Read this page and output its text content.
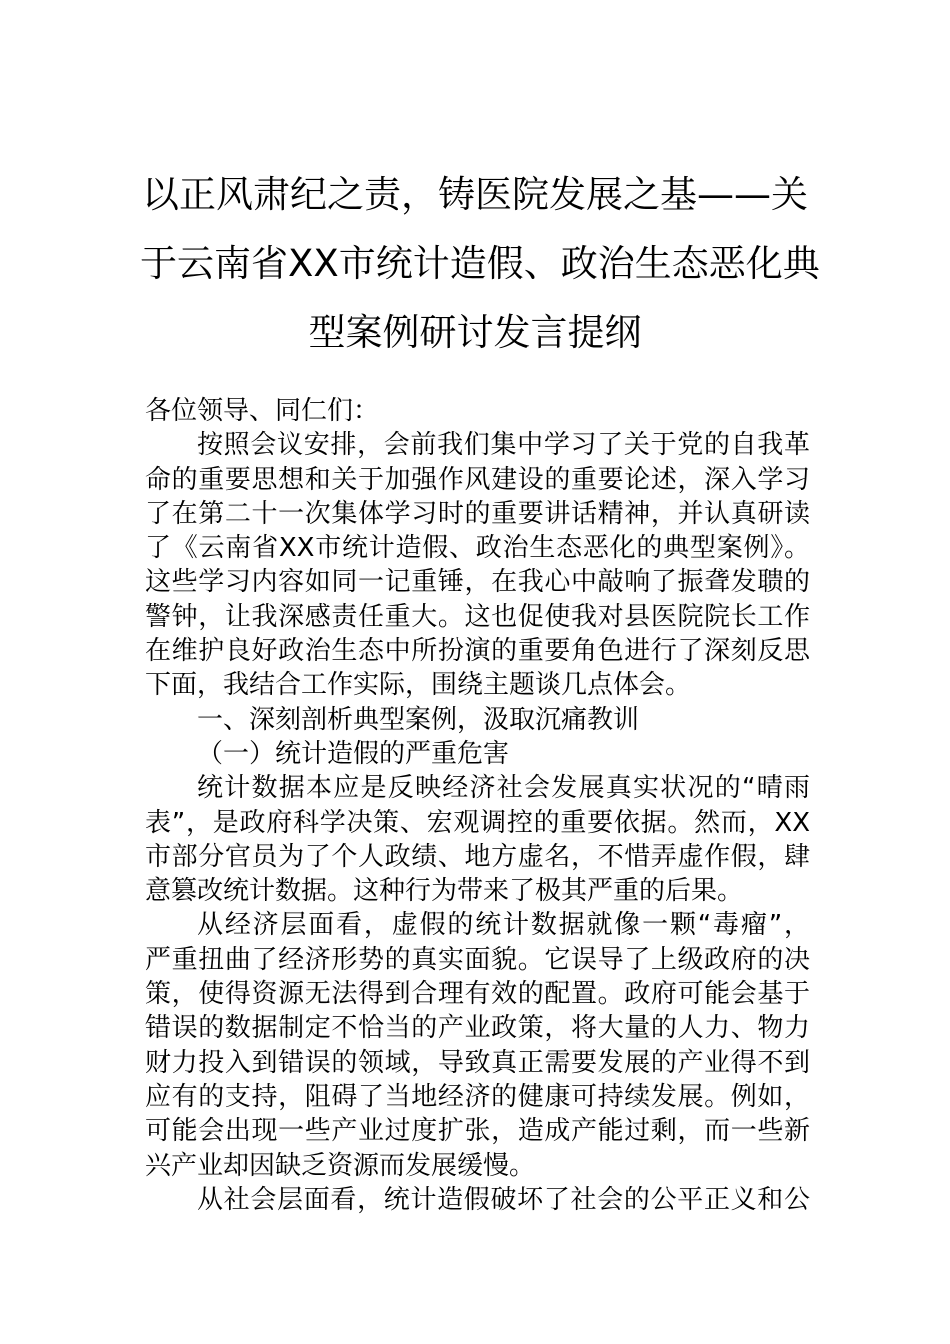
以正风肃纪之责，铸医院发展之基——关
于云南省XX市统计造假、政治生态恶化典
型案例研讨发言提纲
各位领导、同仁们：
按照会议安排，会前我们集中学习了关于党的自我革
命的重要思想和关于加强作风建设的重要论述，深入学习
了在第二十一次集体学习时的重要讲话精神，并认真研读
了《云南省XX市统计造假、政治生态恶化的典型案例》。
这些学习内容如同一记重锤，在我心中敲响了振聋发聩的
警钟，让我深感责任重大。这也促使我对县医院院长工作
在维护良好政治生态中所扮演的重要角色进行了深刻反思
下面，我结合工作实际，围绕主题谈几点体会。
一、深刻剖析典型案例，汲取沉痛教训
（一）统计造假的严重危害
统计数据本应是反映经济社会发展真实状况的“晴雨
表”，是政府科学决策、宏观调控的重要依据。然而，XX
市部分官员为了个人政绩、地方虚名，不惜弄虚作假，肆
意篡改统计数据。这种行为带来了极其严重的后果。
从经济层面看，虚假的统计数据就像一颗“毒瘤”，
严重扭曲了经济形势的真实面貌。它误导了上级政府的决
策，使得资源无法得到合理有效的配置。政府可能会基于
错误的数据制定不恰当的产业政策，将大量的人力、物力
财力投入到错误的领域，导致真正需要发展的产业得不到
应有的支持，阻碍了当地经济的健康可持续发展。例如，
可能会出现一些产业过度扩张，造成产能过剩，而一些新
兴产业却因缺乏资源而发展缓慢。
从社会层面看，统计造假破坏了社会的公平正义和公
